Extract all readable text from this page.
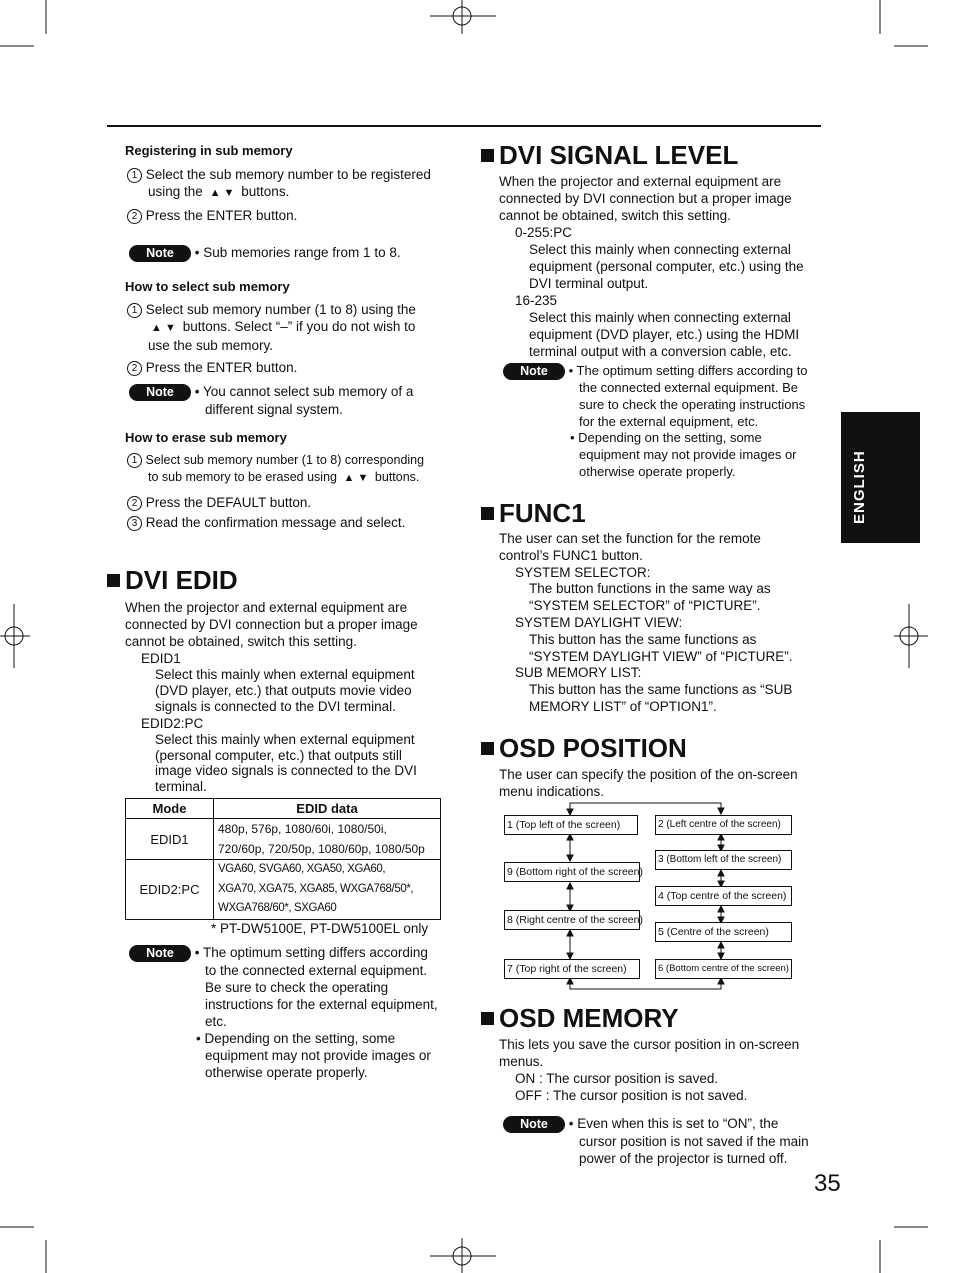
ENGLISH
Registering in sub memory
1 Select the sub memory number to be registered
using the  ▲ ▼  buttons.
2 Press the ENTER button.
Note • Sub memories range from 1 to 8.
How to select sub memory
1 Select sub memory number (1 to 8) using the
▲ ▼  buttons. Select “–” if you do not wish to
use the sub memory.
2 Press the ENTER button.
Note • You cannot select sub memory of a
different signal system.
How to erase sub memory
1 Select sub memory number (1 to 8) corresponding
to sub memory to be erased using  ▲ ▼  buttons.
2 Press the DEFAULT button.
3 Read the confirmation message and select.
DVI EDID
When the projector and external equipment are
connected by DVI connection but a proper image
cannot be obtained, switch this setting.
EDID1
Select this mainly when external equipment
(DVD player, etc.) that outputs movie video
signals is connected to the DVI terminal.
EDID2:PC
Select this mainly when external equipment
(personal computer, etc.) that outputs still
image video signals is connected to the DVI
terminal.
Mode	EDID data
EDID1	480p, 576p, 1080/60i, 1080/50i,
720/60p, 720/50p, 1080/60p, 1080/50p

EDID2:PC	VGA60, SVGA60, XGA50, XGA60,
XGA70, XGA75, XGA85, WXGA768/50*,
WXGA768/60*, SXGA60
* PT-DW5100E, PT-DW5100EL only
Note • The optimum setting differs according
to the connected external equipment.
Be sure to check the operating
instructions for the external equipment,
etc.
• Depending on the setting, some
equipment may not provide images or
otherwise operate properly.
DVI SIGNAL LEVEL
When the projector and external equipment are
connected by DVI connection but a proper image
cannot be obtained, switch this setting.
0-255:PC
Select this mainly when connecting external
equipment (personal computer, etc.) using the
DVI terminal output.
16-235
Select this mainly when connecting external
equipment (DVD player, etc.) using the HDMI
terminal output with a conversion cable, etc.
Note • The optimum setting differs according to
the connected external equipment. Be
sure to check the operating instructions
for the external equipment, etc.
• Depending on the setting, some
equipment may not provide images or
otherwise operate properly.
FUNC1
The user can set the function for the remote
control’s FUNC1 button.
SYSTEM SELECTOR:
The button functions in the same way as
“SYSTEM SELECTOR” of “PICTURE”.
SYSTEM DAYLIGHT VIEW:
This button has the same functions as
“SYSTEM DAYLIGHT VIEW” of “PICTURE”.
SUB MEMORY LIST:
This button has the same functions as “SUB
MEMORY LIST” of “OPTION1”.
OSD POSITION
The user can specify the position of the on-screen
menu indications.
1 (Top left of the screen)
9 (Bottom right of the screen)
8 (Right centre of the screen)
7 (Top right of the screen)
2 (Left centre of the screen)
3 (Bottom left of the screen)
4 (Top centre of the screen)
5 (Centre of the screen)
6 (Bottom centre of the screen)
OSD MEMORY
This lets you save the cursor position in on-screen
menus.
ON : The cursor position is saved.
OFF : The cursor position is not saved.
Note • Even when this is set to “ON”, the
cursor position is not saved if the main
power of the projector is turned off.
35
